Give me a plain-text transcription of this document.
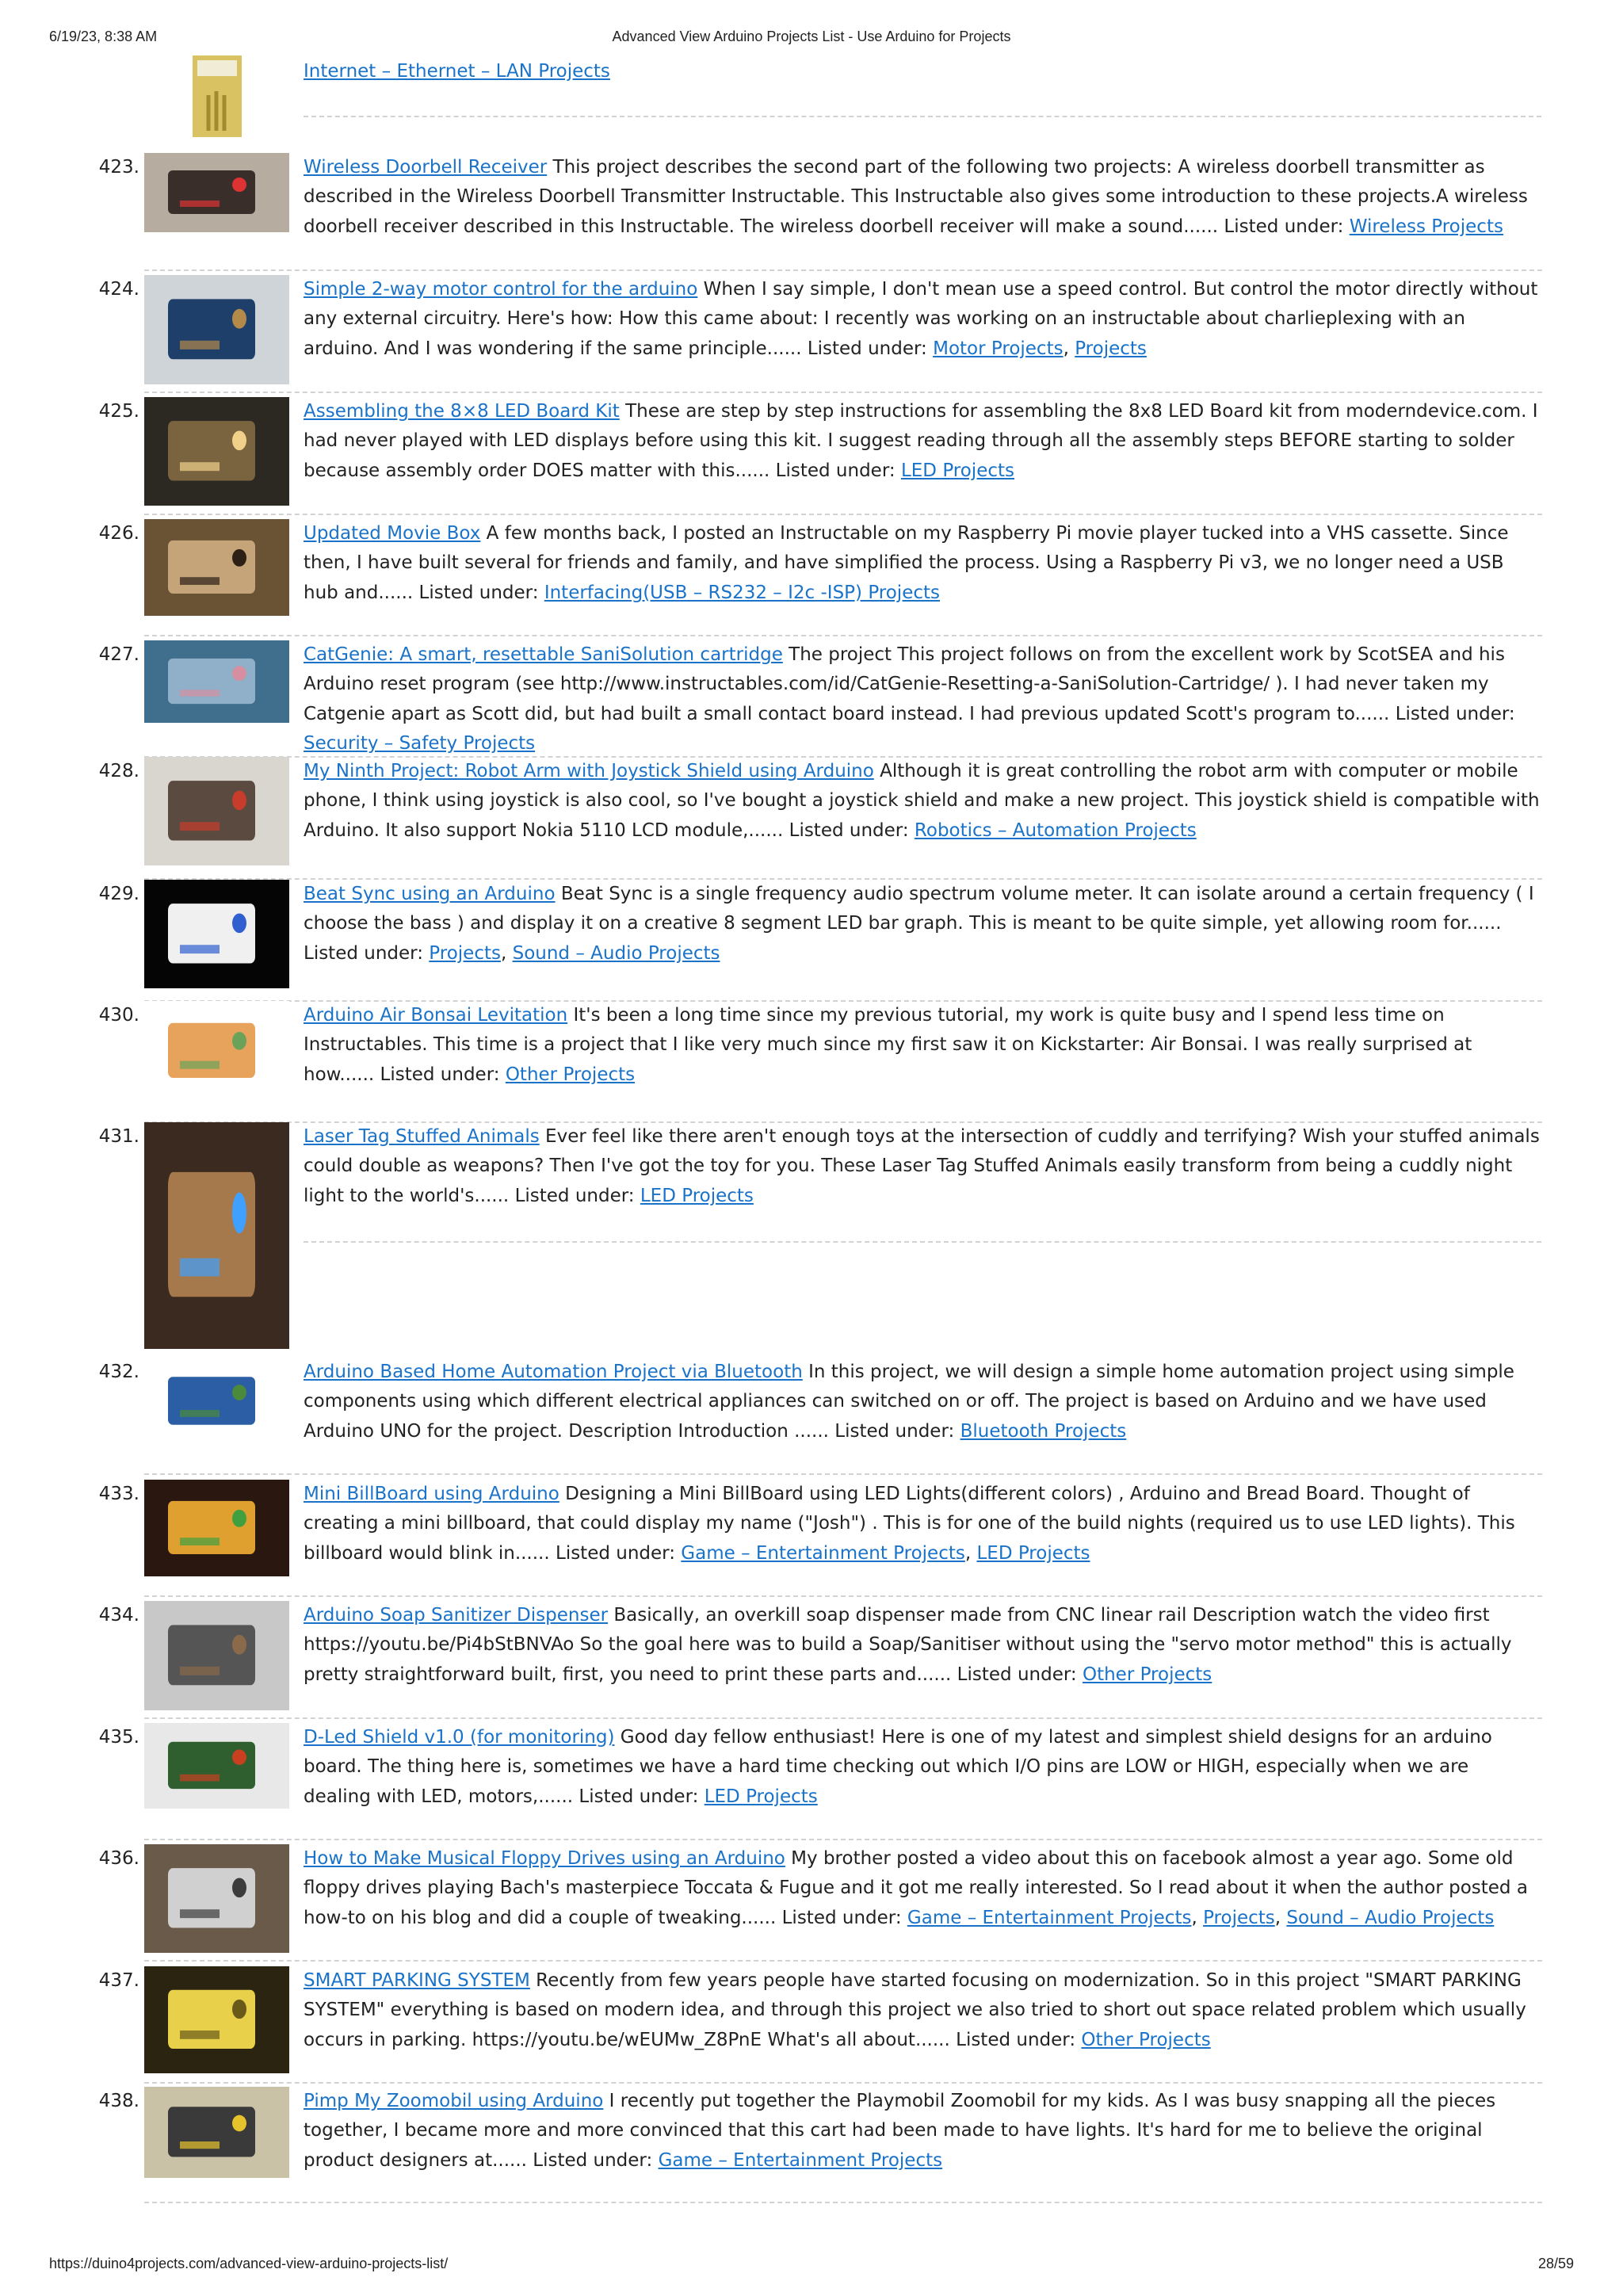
6/19/23, 8:38 AM	Advanced View Arduino Projects List - Use Arduino for Projects
Internet – Ethernet – LAN Projects
423.	Wireless Doorbell Receiver This project describes the second part of the following two projects: A wireless doorbell transmitter as described in the Wireless Doorbell Transmitter Instructable. This Instructable also gives some introduction to these projects.A wireless doorbell receiver described in this Instructable. The wireless doorbell receiver will make a sound...... Listed under: Wireless Projects
424.	Simple 2-way motor control for the arduino When I say simple, I don't mean use a speed control. But control the motor directly without any external circuitry. Here's how: How this came about: I recently was working on an instructable about charlieplexing with an arduino. And I was wondering if the same principle...... Listed under: Motor Projects, Projects
425.	Assembling the 8×8 LED Board Kit These are step by step instructions for assembling the 8x8 LED Board kit from moderndevice.com. I had never played with LED displays before using this kit. I suggest reading through all the assembly steps BEFORE starting to solder because assembly order DOES matter with this...... Listed under: LED Projects
426.	Updated Movie Box A few months back, I posted an Instructable on my Raspberry Pi movie player tucked into a VHS cassette. Since then, I have built several for friends and family, and have simplified the process. Using a Raspberry Pi v3, we no longer need a USB hub and...... Listed under: Interfacing(USB – RS232 – I2c -ISP) Projects
427.	CatGenie: A smart, resettable SaniSolution cartridge The project This project follows on from the excellent work by ScotSEA and his Arduino reset program (see http://www.instructables.com/id/CatGenie-Resetting-a-SaniSolution-Cartridge/ ). I had never taken my Catgenie apart as Scott did, but had built a small contact board instead. I had previous updated Scott's program to...... Listed under: Security – Safety Projects
428.	My Ninth Project: Robot Arm with Joystick Shield using Arduino Although it is great controlling the robot arm with computer or mobile phone, I think using joystick is also cool, so I've bought a joystick shield and make a new project. This joystick shield is compatible with Arduino. It also support Nokia 5110 LCD module,...... Listed under: Robotics – Automation Projects
429.	Beat Sync using an Arduino Beat Sync is a single frequency audio spectrum volume meter. It can isolate around a certain frequency ( I choose the bass ) and display it on a creative 8 segment LED bar graph. This is meant to be quite simple, yet allowing room for...... Listed under: Projects, Sound – Audio Projects
430.	Arduino Air Bonsai Levitation It's been a long time since my previous tutorial, my work is quite busy and I spend less time on Instructables. This time is a project that I like very much since my first saw it on Kickstarter: Air Bonsai. I was really surprised at how...... Listed under: Other Projects
431.	Laser Tag Stuffed Animals Ever feel like there aren't enough toys at the intersection of cuddly and terrifying? Wish your stuffed animals could double as weapons? Then I've got the toy for you. These Laser Tag Stuffed Animals easily transform from being a cuddly night light to the world's...... Listed under: LED Projects
432.	Arduino Based Home Automation Project via Bluetooth In this project, we will design a simple home automation project using simple components using which different electrical appliances can switched on or off. The project is based on Arduino and we have used Arduino UNO for the project. Description Introduction ...... Listed under: Bluetooth Projects
433.	Mini BillBoard using Arduino Designing a Mini BillBoard using LED Lights(different colors) , Arduino and Bread Board. Thought of creating a mini billboard, that could display my name ("Josh") . This is for one of the build nights (required us to use LED lights). This billboard would blink in...... Listed under: Game – Entertainment Projects, LED Projects
434.	Arduino Soap Sanitizer Dispenser Basically, an overkill soap dispenser made from CNC linear rail Description watch the video first https://youtu.be/Pi4bStBNVAo So the goal here was to build a Soap/Sanitiser without using the "servo motor method" this is actually pretty straightforward built, first, you need to print these parts and...... Listed under: Other Projects
435.	D-Led Shield v1.0 (for monitoring) Good day fellow enthusiast! Here is one of my latest and simplest shield designs for an arduino board. The thing here is, sometimes we have a hard time checking out which I/O pins are LOW or HIGH, especially when we are dealing with LED, motors,...... Listed under: LED Projects
436.	How to Make Musical Floppy Drives using an Arduino My brother posted a video about this on facebook almost a year ago. Some old floppy drives playing Bach's masterpiece Toccata & Fugue and it got me really interested. So I read about it when the author posted a how-to on his blog and did a couple of tweaking...... Listed under: Game – Entertainment Projects, Projects, Sound – Audio Projects
437.	SMART PARKING SYSTEM Recently from few years people have started focusing on modernization. So in this project "SMART PARKING SYSTEM" everything is based on modern idea, and through this project we also tried to short out space related problem which usually occurs in parking. https://youtu.be/wEUMw_Z8PnE What's all about...... Listed under: Other Projects
438.	Pimp My Zoomobil using Arduino I recently put together the Playmobil Zoomobil for my kids. As I was busy snapping all the pieces together, I became more and more convinced that this cart had been made to have lights. It's hard for me to believe the original product designers at...... Listed under: Game – Entertainment Projects
https://duino4projects.com/advanced-view-arduino-projects-list/	28/59
